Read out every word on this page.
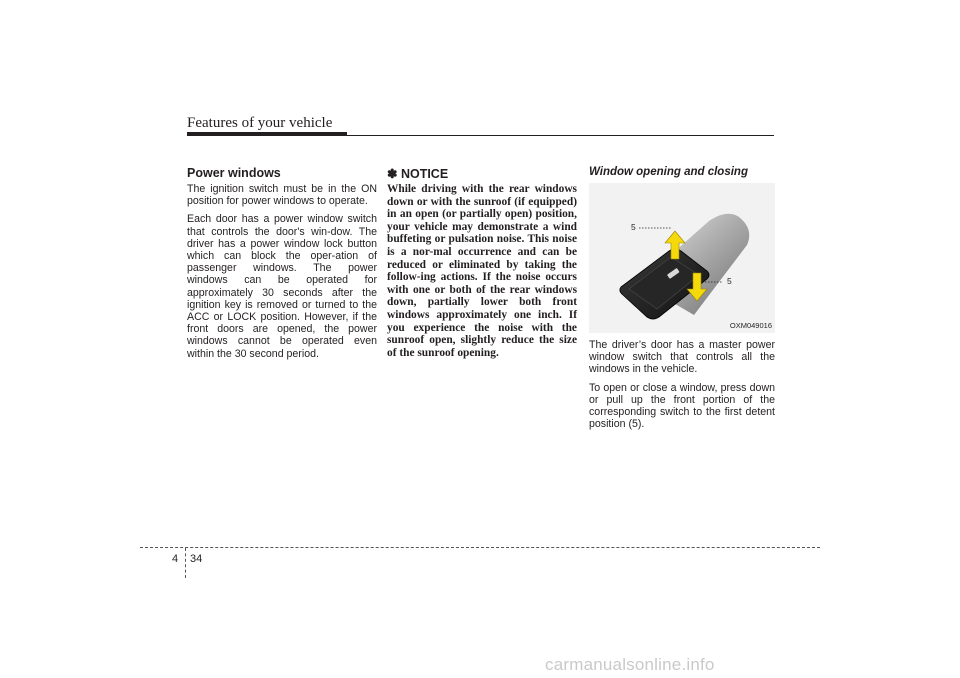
Features of your vehicle
Power windows

The ignition switch must be in the ON position for power windows to operate.

Each door has a power window switch that controls the door's win-dow. The driver has a power window lock button which can block the oper-ation of passenger windows. The power windows can be operated for approximately 30 seconds after the ignition key is removed or turned to the ACC or LOCK position. However, if the front doors are opened, the power windows cannot be operated even within the 30 second period.

✽ NOTICE

While driving with the rear windows down or with the sunroof (if equipped) in an open (or partially open) position, your vehicle may demonstrate a wind buffeting or pulsation noise. This noise is a nor-mal occurrence and can be reduced or eliminated by taking the follow-ing actions. If the noise occurs with one or both of the rear windows down, partially lower both front windows approximately one inch. If you experience the noise with the sunroof open, slightly reduce the size of the sunroof opening.

Window opening and closing
5
5
OXM049016

The driver’s door has a master power window switch that controls all the windows in the vehicle.

To open or close a window, press down or pull up the front portion of the corresponding switch to the first detent position (5).

4 34
carmanualsonline.info
